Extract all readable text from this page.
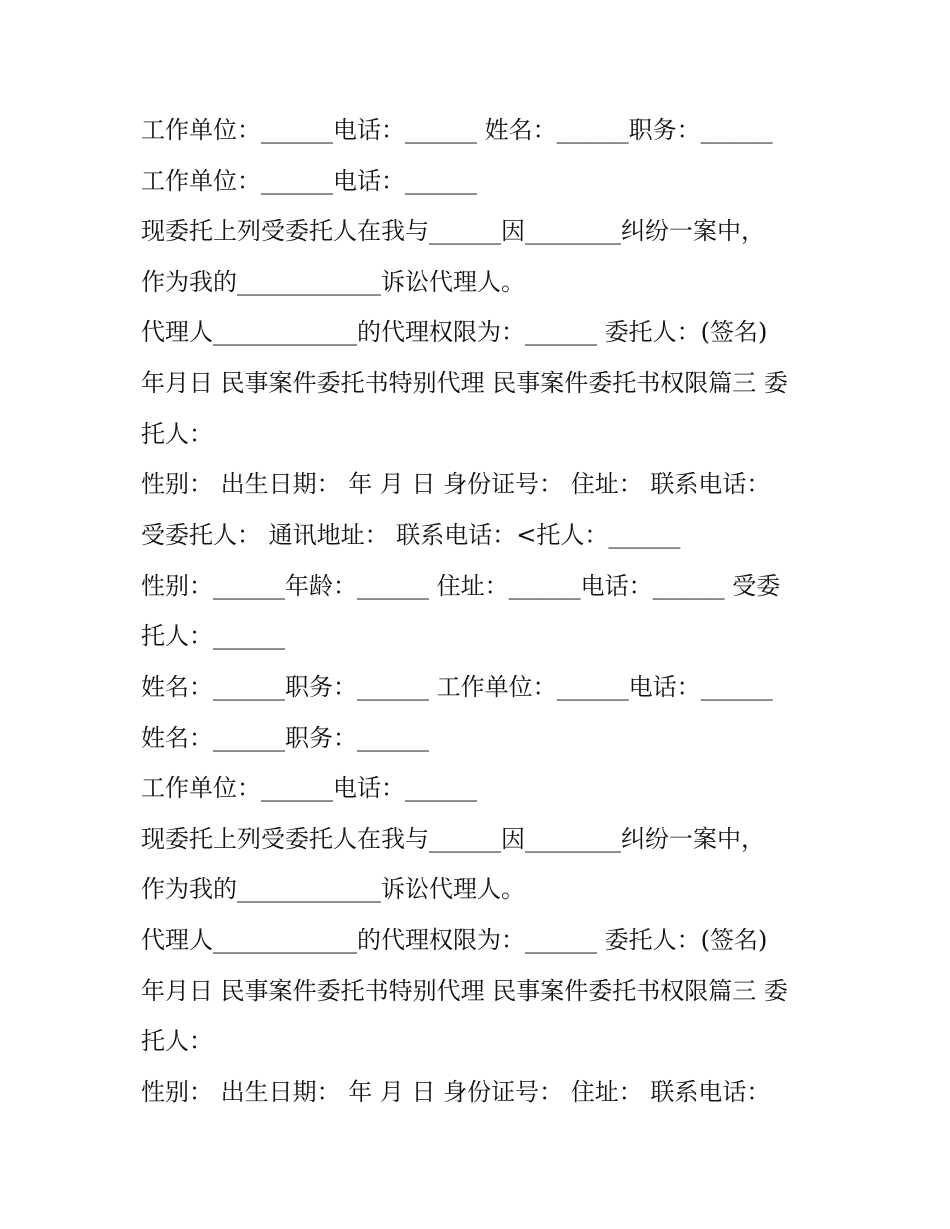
工作单位：______电话：______ 姓名：______职务：______

工作单位：______电话：______

现委托上列受委托人在我与______因________纠纷一案中，

作为我的____________诉讼代理人。

代理人____________的代理权限为：______ 委托人：(签名)

年月日 民事案件委托书特别代理 民事案件委托书权限篇三 委

托人：

性别： 出生日期： 年 月 日 身份证号： 住址： 联系电话：

受委托人： 通讯地址： 联系电话：<托人：______

性别：______年龄：______ 住址：______电话：______ 受委

托人：______

姓名：______职务：______ 工作单位：______电话：______

姓名：______职务：______

工作单位：______电话：______

现委托上列受委托人在我与______因________纠纷一案中，

作为我的____________诉讼代理人。

代理人____________的代理权限为：______ 委托人：(签名)

年月日 民事案件委托书特别代理 民事案件委托书权限篇三 委

托人：

性别： 出生日期： 年 月 日 身份证号： 住址： 联系电话：
